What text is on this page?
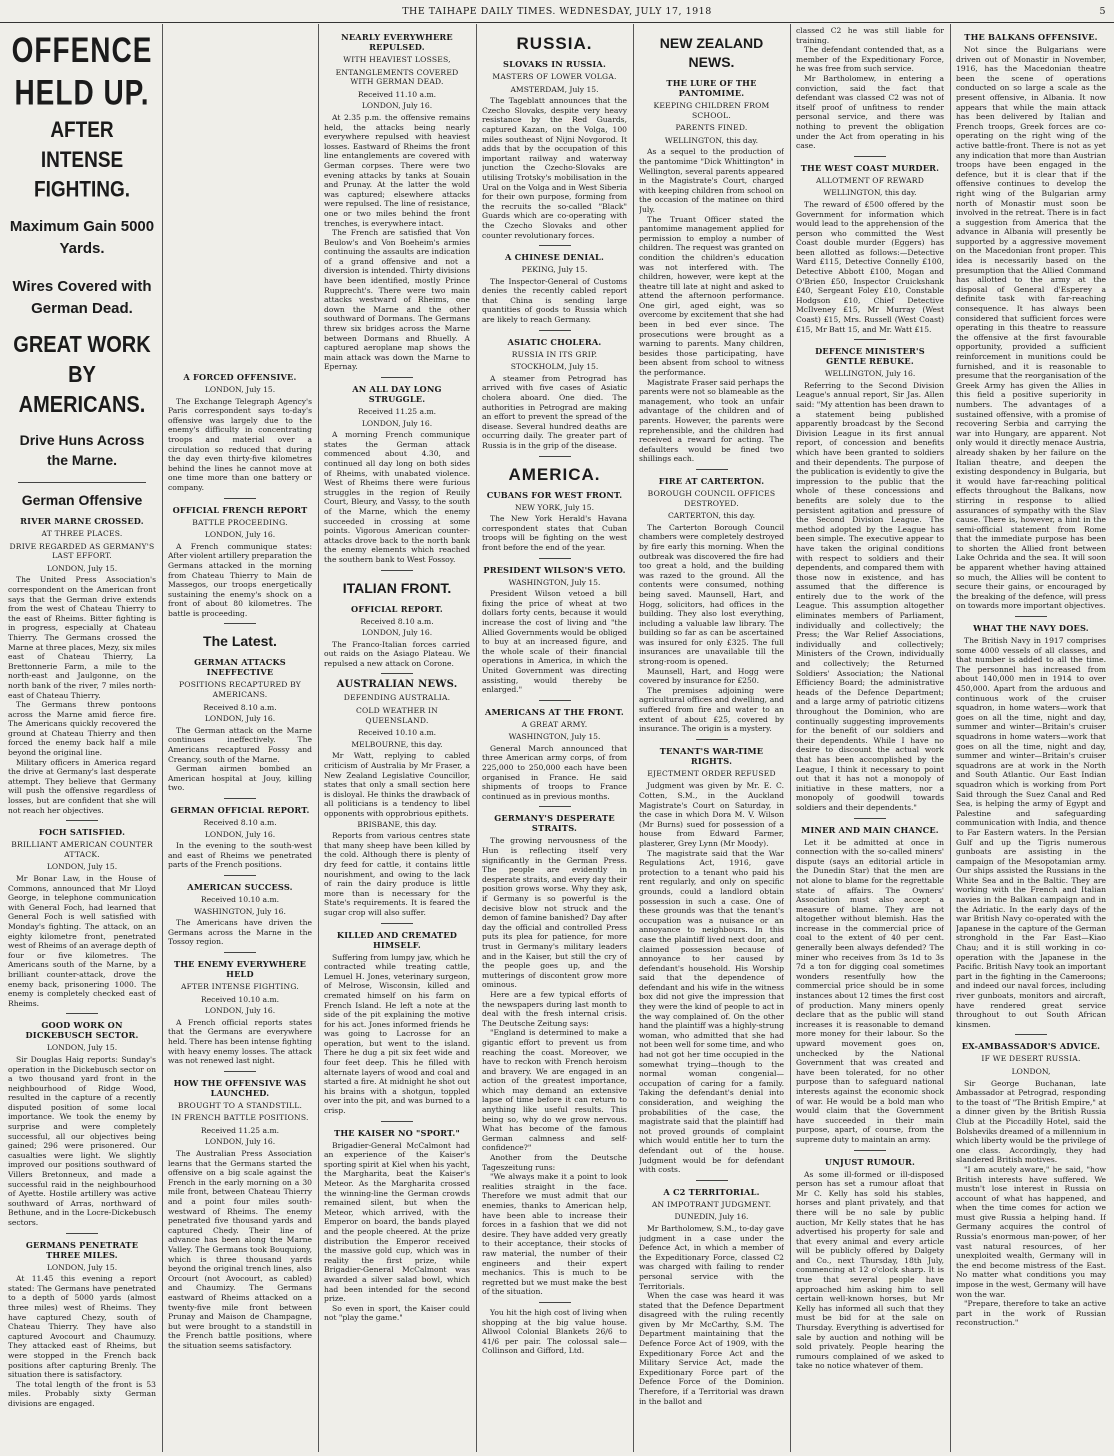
THE TAIHAPE DAILY TIMES. WEDNESDAY, JULY 17, 1918	5
OFFENCE HELD UP.
AFTER INTENSE FIGHTING.
Maximum Gain 5000 Yards.
Wires Covered with German Dead.
GREAT WORK BY AMERICANS.
Drive Huns Across the Marne.
German Offensive
RIVER MARNE CROSSED.
AT THREE PLACES.
DRIVE REGARDED AS GERMANY'S LAST EFFORT.
LONDON, July 15.

The United Press Association's correspondent on the American front says that the German drive extends from the west of Chateau Thierry to the east of Rheims. Bitter fighting is in progress, especially at Chateau Thierry. The Germans crossed the Marne at three places, Mezy, six miles east of Chateau Thierry, La Brettonnerie Farm, a mile to the north-east and Jaulgonne, on the north bank of the river, 7 miles north-east of Chateau Thierry.

The Germans threw pontoons across the Marne amid fierce fire. The Americans quickly recovered the ground at Chateau Thierry and then forced the enemy back half a mile beyond the original line.

Military officers in America regard the drive at Germany's last desperate attempt. They believe that Germany will push the offensive regardless of losses, but are confident that she will not reach her objectives.

FOCH SATISFIED.
BRILLIANT AMERICAN COUNTER ATTACK.
LONDON, July 15.

Mr Bonar Law, in the House of Commons, announced that Mr Lloyd George, in telephone communication with General Foch, had learned that General Foch is well satisfied with Monday's fighting. The attack, on an eighty kilometre front, penetrated west of Rheims of an average depth of four or five kilometres. The Americans south of the Marne, by a brilliant counter-attack, drove the enemy back, prisonering 1000. The enemy is completely checked east of Rheims.

GOOD WORK ON DICKEBUSCH SECTOR.
LONDON, July 15.

Sir Douglas Haig reports: Sunday's operation in the Dickebusch sector on a two thousand yard front in the neighbourhood of Ridge Wood, resulted in the capture of a recently disputed position of some local importance. We took the enemy by surprise and were completely successful, all our objectives being gained; 296 were prisonered. Our casualties were light. We slightly improved our positions southward of Villers Bretonneux, and made a successful raid in the neighbourhood of Ayette. Hostile artillery was active southward of Arras, northward of Bethune, and in the Locre-Dickebusch sectors.

GERMANS PENETRATE THREE MILES.
LONDON, July 15.

At 11.45 this evening a report stated: The Germans have penetrated to a depth of 5000 yards (almost three miles) west of Rheims. They have captured Chezy, south of Chateau Thierry. They have also captured Avocourt and Chaumuzy. They attacked east of Rheims, but were stopped in the French back positions after capturing Brenly. The situation there is satisfactory.

The total length of the front is 53 miles. Probably sixty German divisions are engaged.

A FORCED OFFENSIVE.
LONDON, July 15.

The Exchange Telegraph Agency's Paris correspondent says to-day's offensive was largely due to the enemy's difficulty in concentrating troops and material over a circulation so reduced that during the day even thirty-five kilometres behind the lines he cannot move at one time more than one battery or company.

OFFICIAL FRENCH REPORT
BATTLE PROCEEDING.
LONDON, July 16.

A French communique states: After violent artillery preparation the Germans attacked in the morning from Chateau Thierry to Main de Massegos, our troops energetically sustaining the enemy's shock on a front of about 80 kilometres. The battle is proceeding.

The Latest.
GERMAN ATTACKS INEFFECTIVE
POSITIONS RECAPTURED BY AMERICANS.
Received 8.10 a.m.
LONDON, July 16.

The German attack on the Marne continues ineffectively. The Americans recaptured Fossy and Creancy, south of the Marne.

German airmen bombed an American hospital at Jouy, killing two.

GERMAN OFFICIAL REPORT.
Received 8.10 a.m.
LONDON, July 16.

In the evening to the south-west and east of Rheims we penetrated parts of the French positions.

AMERICAN SUCCESS.
Received 10.10 a.m.
WASHINGTON, July 16.

The Americans have driven the Germans across the Marne in the Tossoy region.

THE ENEMY EVERYWHERE HELD
AFTER INTENSE FIGHTING.
Received 10.10 a.m.
LONDON, July 16.

A French official reports states that the Germans are everywhere held. There has been intense fighting with heavy enemy losses. The attack was not renewed last night.

HOW THE OFFENSIVE WAS LAUNCHED.
BROUGHT TO A STANDSTILL.
IN FRENCH BATTLE POSITIONS.
Received 11.25 a.m.
LONDON, July 16.

The Australian Press Association learns that the Germans started the offensive on a big scale against the French in the early morning on a 30 mile front, between Chateau Thierry and a point four miles south-westward of Rheims. The enemy penetrated five thousand yards and captured Chedy. Their line of advance has been along the Marne Valley. The Germans took Bouquiony, which is three thousand yards beyond the original trench lines, also Orcourt (not Avocourt, as cabled) and Chaumizy. The Germans eastward of Rheims attacked on a twenty-five mile front between Prunay and Maison de Champagne, but were brought to a standstill in the French battle positions, where the situation seems satisfactory.

NEARLY EVERYWHERE REPULSED.
WITH HEAVIEST LOSSES,
ENTANGLEMENTS COVERED WITH GERMAN DEAD.
Received 11.10 a.m.
LONDON, July 16.

At 2.35 p.m. the offensive remains held, the attacks being nearly everywhere repulsed with heaviest losses. Eastward of Rheims the front line entanglements are covered with German corpses. There were two evening attacks by tanks at Souain and Prunay. At the latter the wold was captured; elsewhere attacks were repulsed. The line of resistance, one or two miles behind the front trenches, is everywhere intact.

The French are satisfied that Von Beulow's and Von Boeheim's armies continuing the assaults are indication of a grand offensive and not a diversion is intended. Thirty divisions have been identified, mostly Prince Rupprecht's. There were two main attacks westward of Rheims, one down the Marne and the other southward of Dormans. The Germans threw six bridges across the Marne between Dormans and Rhuelly. A captured aeroplane map shows the main attack was down the Marne to Epernay.

AN ALL DAY LONG STRUGGLE.
Received 11.25 a.m.
LONDON, July 16.

A morning French communique states the German attack commenced about 4.30, and continued all day long on both sides of Rheims, with unabated violence. West of Rheims there were furious struggles in the region of Reuily Court, Bleury, and Vassy, to the south of the Marne, which the enemy succeeded in crossing at some points. Vigorous American counter-attacks drove back to the north bank the enemy elements which reached the southern bank to West Fossoy.

ITALIAN FRONT.
OFFICIAL REPORT.
Received 8.10 a.m.
LONDON, July 16.

The Franco-Italian forces carried out raids on the Asiago Plateau. We repulsed a new attack on Corone.

AUSTRALIAN NEWS.
DEFENDING AUSTRALIA.
COLD WEATHER IN QUEENSLAND.
Received 10.10 a.m.
MELBOURNE, this day.

Mr Watt, replying to cabled criticism of Australia by Mr Fraser, a New Zealand Legislative Councillor, states that only a small section here is disloyal. He thinks the drawback of all politicians is a tendency to libel opponents with opprobrious epithets.

BRISBANE, this day.

Reports from various centres state that many sheep have been killed by the cold. Although there is plenty of dry feed for cattle, it contains little nourishment, and owing to the lack of rain the dairy produce is little more than is necessary for the State's requirements. It is feared the sugar crop will also suffer.

KILLED AND CREMATED HIMSELF.

Suffering from lumpy jaw, which he contracted while treating cattle, Lemuel H. Jones, veterinary surgeon, of Melrose, Wisconsin, killed and cremated himself on his farm on French Island. He left a note at the side of the pit explaining the motive for his act. Jones informed friends he was going to Lacrosse for an operation, but went to the island. There he dug a pit six feet wide and four feet deep. This he filled with alternate layers of wood and coal and started a fire. At midnight he shot out his brains with a shotgun, toppled over into the pit, and was burned to a crisp.

THE KAISER NO "SPORT."

Brigadier-General McCalmont had an experience of the Kaiser's sporting spirit at Kiel when his yacht, the Margharita, beat the Kaiser's Meteor. As the Margharita crossed the winning-line the German crowds remained silent, but when the Meteor, which arrived, with the Emperor on board, the bands played and the people cheered. At the prize distribution the Emperor received the massive gold cup, which was in reality the first prize, while Brigadier-General McCalmont was awarded a silver salad bowl, which had been intended for the second prize.

So even in sport, the Kaiser could not "play the game."

RUSSIA.
SLOVAKS IN RUSSIA.
MASTERS OF LOWER VOLGA.
AMSTERDAM, July 15.

The Tageblatt announces that the Czecho Slovaks, despite very heavy resistance by the Red Guards, captured Kazan, on the Volga, 100 miles southeast of Nijni Novgorod. It adds that by the occupation of this important railway and waterway junction the Czecho-Slovaks are utilising Trotsky's mobilisation in the Ural on the Volga and in West Siberia for their own purpose, forming from the recruits the so-called "Black" Guards which are co-operating with the Czecho Slovaks and other counter revolutionary forces.

A CHINESE DENIAL.
PEKING, July 15.

The Inspector-General of Customs denies the recently cabled report that China is sending large quantities of goods to Russia which are likely to reach Germany.

ASIATIC CHOLERA.
RUSSIA IN ITS GRIP.
STOCKHOLM, July 15.

A steamer from Petrograd has arrived with five cases of Asiatic cholera aboard. One died. The authorities in Petrograd are making an effort to prevent the spread of the disease. Several hundred deaths are occurring daily. The greater part of Russia is in the grip of the disease.

AMERICA.
CUBANS FOR WEST FRONT.
NEW YORK, July 15.

The New York Herald's Havana correspondent states that Cuban troops will be fighting on the west front before the end of the year.

PRESIDENT WILSON'S VETO.
WASHINGTON, July 15.

President Wilson vetoed a bill fixing the price of wheat at two dollars forty cents, because it would increase the cost of living and "the Allied Governments would be obliged to buy at an increased figure, and the whole scale of their financial operations in America, in which the United Government was directing assisting, would thereby be enlarged."

AMERICANS AT THE FRONT.
A GREAT ARMY.
WASHINGTON, July 15.

General March announced that three American army corps, of from 225,000 to 250,000 each have been organised in France. He said shipments of troops to France continued as in previous months.

GERMANY'S DESPERATE STRAITS.

The growing nervousness of the Hun is reflecting itself very significantly in the German Press. The people are evidently in desperate straits, and every day their position grows worse. Why they ask, if Germany is so powerful is the decisive blow not struck and the demon of famine banished? Day after day the official and controlled Press puts its plea for patience, for more trust in Germany's military leaders and in the Kaiser, but still the cry of the people goes up, and the mutterings of discontent grow more ominous.

Here are a few typical efforts of the newspapers during last month to deal with the fresh internal crisis. The Deutsche Zeitung says:

"England is determined to make a gigantic effort to prevent us from reaching the coast. Moreover, we have to reckon with French heroism and bravery. We are engaged in an action of the greatest importance, which may demand an extensive lapse of time before it can return to anything like useful results. This being so, why do we grow nervous. What has become of the famous German calmness and self-confidence?"

Another from the Deutsche Tageszeitung runs:

"We always make it a point to look realities straight in the face. Therefore we must admit that our enemies, thanks to American help, have been able to increase their forces in a fashion that we did not desire. They have added very greatly to their acceptance, their stocks of raw material, the number of their engineers and their expert mechanics. This is much to be regretted but we must make the best of the situation.

You hit the high cost of living when shopping at the big value house. Allwool Colonial Blankets 26/6 to 41/6 per pair. The colossal sale—Collinson and Gifford, Ltd.

NEW ZEALAND NEWS.
THE LURE OF THE PANTOMIME.
KEEPING CHILDREN FROM SCHOOL.
PARENTS FINED.
WELLINGTON, this day.

As a sequel to the production of the pantomime "Dick Whittington" in Wellington, several parents appeared in the Magistrate's Court, charged with keeping children from school on the occasion of the matinee on third July.

The Truant Officer stated the pantomime management applied for permission to employ a number of children. The request was granted on condition the children's education was not interfered with. The children, however, were kept at the theatre till late at night and asked to attend the afternoon performance. One girl, aged eight, was so overcome by excitement that she had been in bed ever since. The prosecutions were brought as a warning to parents. Many children, besides those participating, have been absent from school to witness the performance.

Magistrate Fraser said perhaps the parents were not so blameable as the management, who took an unfair advantage of the children and of parents. However, the parents were reprehensible, and the children had received a reward for acting. The defaulters would be fined two shillings each.

FIRE AT CARTERTON.
BOROUGH COUNCIL OFFICES DESTROYED.
CARTERTON, this day.

The Carterton Borough Council chambers were completely destroyed by fire early this morning. When the outbreak was discovered the fire had too great a hold, and the building was razed to the ground. All the contents were consumed, nothing being saved. Maunsell, Hart, and Hogg, solicitors, had offices in the building. They also lost everything, including a valuable law library. The building so far as can be ascertained was insured for only £325. The full insurances are unavailable till the strong-room is opened.

Maunsell, Hart, and Hogg were covered by insurance for £250.

The premises adjoining were agricultural offices and dwelling, and suffered from fire and water to an extent of about £25, covered by insurance. The origin is a mystery.

TENANT'S WAR-TIME RIGHTS.
EJECTMENT ORDER REFUSED

Judgment was given by Mr. E. C. Cotten, S.M., in the Auckland Magistrate's Court on Saturday, in the case in which Dora M. V. Wilson (Mr Burns) sued for possession of a house from Edward Farmer, plasterer, Grey Lynn (Mr Moody).

The magistrate said that the War Regulations Act, 1916, gave protection to a tenant who paid his rent regularly, and only on specific grounds, could a landlord obtain possession in such a case. One of these grounds was that the tenant's occupation was a nuisance or an annoyance to neighbours. In this case the plaintiff lived next door, and claimed possession because of annoyance to her caused by defendant's household. His Worship said that the dependence of defendant and his wife in the witness box did not give the impression that they were the kind of people to act in the way complained of. On the other hand the plaintiff was a highly-strung woman, who admitted that she had not been well for some time, and who had not got her time occupied in the somewhat trying—though to the normal woman congenial—occupation of caring for a family. Taking the defendant's denial into consideration, and weighing the probabilities of the case, the magistrate said that the plaintiff had not proved grounds of complaint which would entitle her to turn the defendant out of the house. Judgment would be for defendant with costs.

A C2 TERRITORIAL.
AN IMPOTRANT JUDGMENT.
DUNEDIN, July 16.

Mr Bartholomew, S.M., to-day gave judgment in a case under the Defence Act, in which a member of the Expeditionary Force, classed C2 was charged with failing to render personal service with the Territorials.

When the case was heard it was stated that the Defence Department disagreed with the ruling recently given by Mr McCarthy, S.M. The Department maintaining that the Defence Force Act of 1909, with the Expeditionary Force Act and the Military Service Act, made the Expeditionary Force part of the Defence Force of the Dominion. Therefore, if a Territorial was drawn in the ballot and

classed C2 he was still liable for training.

The defendant contended that, as a member of the Expeditionary Force, he was free from such service.

Mr Bartholomew, in entering a conviction, said the fact that defendant was classed C2 was not of itself proof of unfitness to render personal service, and there was nothing to prevent the obligation under the Act from operating in his case.

THE WEST COAST MURDER.
ALLOTMENT OF REWARD
WELLINGTON, this day.

The reward of £500 offered by the Government for information which would lead to the apprehension of the person who committed the West Coast double murder (Eggers) has been allotted as follows:—Detective Ward £115, Detective Connelly £100, Detective Abbott £100, Mogan and O'Brien £50, Inspector Cruickshank £40, Sergeant Foley £10, Constable Hodgson £10, Chief Detective McIlveney £15, Mr Murray (West Coast) £15, Mrs. Russell (West Coast) £15, Mr Batt 15, and Mr. Watt £15.

DEFENCE MINISTER'S GENTLE REBUKE.
WELLINGTON, July 16.

Referring to the Second Division League's annual report, Sir Jas. Allen said: "My attention has been drawn to a statement being published apparently broadcast by the Second Division League in its first annual report, of concession and benefits which have been granted to soldiers and their dependents. The purpose of the publication is evidently to give the impression to the public that the whole of these concessions and benefits are solely due to the persistent agitation and pressure of the Second Division League. The method adopted by the League has been simple. The executive appear to have taken the original conditions with respect to soldiers and their dependents, and compared them with those now in existence, and has assumed that the difference is entirely due to the work of the League. This assumption altogether eliminates members of Parliament, individually and collectively; the Press; the War Relief Associations, individually and collectively; Ministers of the Crown, individually and collectively; the Returned Soldiers' Association; the National Efficiency Board; the administrative heads of the Defence Department; and a large army of patriotic citizens throughout the Dominion, who are continually suggesting improvements for the benefit of our soldiers and their dependents. While I have no desire to discount the actual work that has been accomplished by the League, I think it necessary to point out that it has not a monopoly of initiative in these matters, nor a monopoly of goodwill towards soldiers and their dependents."

MINER AND MAIN CHANCE.

Let it be admitted at once in connection with the so-called miners' dispute (says an editorial article in the Dunedin Star) that the men are not alone to blame for the regrettable state of affairs. The Owners' Association must also accept a measure of blame. They are not altogether without blemish. Has the increase in the commercial price of coal to the extent of 40 per cent. generally been always defended? The miner who receives from 3s 1d to 3s 7d a ton for digging coal sometimes wonders resentfully how the commercial price should be in some instances about 12 times the first cost of production. Many miners openly declare that as the public will stand increases it is reasonable to demand more money for their labour. So the upward movement goes on, unchecked by the National Government that was created and have been tolerated, for no other purpose than to safeguard national interests against the economic shock of war. He would be a bold man who would claim that the Government have succeeded in their main purpose, apart, of course, from the supreme duty to maintain an army.

UNJUST RUMOUR.

As some ill-formed or ill-disposed person has set a rumour afloat that Mr C. Kelly has sold his stables, horses and plant privately, and that there will be no sale by public auction, Mr Kelly states that he has advertised his property for sale and that every animal and every article will be publicly offered by Dalgety and Co., next Thursday, 18th July, commencing at 12 o'clock sharp. It is true that several people have approached him asking him to sell certain well-known horses, but Mr Kelly has informed all such that they must be bid for at the sale on Thursday. Everything is advertised for sale by auction and nothing will be sold privately. People hearing the rumours complained of we asked to take no notice whatever of them.

THE BALKANS OFFENSIVE.

Not since the Bulgarians were driven out of Monastir in November, 1916, has the Macedonian theatre been the scene of operations conducted on so large a scale as the present offensive, in Albania. It now appears that while the main attack has been delivered by Italian and French troops, Greek forces are co-operating on the right wing of the active battle-front. There is not as yet any indication that more than Austrian troops have been engaged in the defence, but it is clear that if the offensive continues to develop the right wing of the Bulgarian army north of Monastir must soon be involved in the retreat. There is in fact a suggestion from America that the advance in Albania will presently be supported by a aggressive movement on the Macedonian front proper. This idea is necessarily based on the presumption that the Allied Command has allotted to the army at the disposal of General d'Esperey a definite task with far-reaching consequence. It has always been considered that sufficient forces were operating in this theatre to reassure the offensive at the first favourable opportunity, provided a sufficient reinforcement in munitions could be furnished, and it is reasonable to presume that the reorganisation of the Greek Army has given the Allies in this field a positive superiority in numbers. The advantages of a sustained offensive, with a promise of recovering Serbia and carrying the war into Hungary, are apparent. Not only would it directly menace Austria, already shaken by her failure on the Italian theatre, and deepen the existing despondency in Bulgaria, but it would have far-reaching political effects throughout the Balkans, now stirring in response to allied assurances of sympathy with the Slav cause. There is, however, a hint in the semi-official statement from Rome that the immediate purpose has been to shorten the Allied front between Lake Ochrida and the sea. It will soon be apparent whether having attained so much, the Allies will be content to secure their gains, or encouraged by the breaking of the defence, will press on towards more important objectives.

WHAT THE NAVY DOES.

The British Navy in 1917 comprises some 4000 vessels of all classes, and that number is added to all the time. The personnel has increased from about 140,000 men in 1914 to over 450,000. Apart from the arduous and continuous work of the cruiser squadron, in home waters—work that goes on all the time, night and day, summer and winter—Britain's cruiser squadrons in home waters—work that goes on all the time, night and day, summer and winter—Britain's cruiser squadrons are at work in the North and South Atlantic. Our East Indian squadron which is working from Port Said through the Suez Canal and Red Sea, is helping the army of Egypt and Palestine and safeguarding communication with India, and thence to Far Eastern waters. In the Persian Gulf and up the Tigris numerous gunboats are assisting in the campaign of the Mesopotamian army. Our ships assisted the Russians in the White Sea and in the Baltic. They are working with the French and Italian navies in the Balkan campaign and in the Adriatic. In the early days of the war British Navy co-operated with the Japanese in the capture of the German stronghold in the Far East—Kiao Chau; and it is still working in co-operation with the Japanese in the Pacific. British Navy took an important part in the fighting in the Cameroons; and indeed our naval forces, including river gunboats, monitors and aircraft, have rendered great service throughout to out South African kinsmen.

EX-AMBASSADOR'S ADVICE.
IF WE DESERT RUSSIA.
LONDON,

Sir George Buchanan, late Ambassador at Petrograd, responding to the toast of "The British Empire," at a dinner given by the British Russia Club at the Piccadilly Hotel, said the Bolsheviks dreamed of a millennium in which liberty would be the privilege of one class. Accordingly, they had slandered British motives.

"I am acutely aware," he said, "how British interests have suffered. We mustn't lose interest in Russia on account of what has happened, and when the time comes for action we must give Russia a helping hand. If Germany acquires the control of Russia's enormous man-power, of her vast natural resources, of her unexploited wealth, Germany will in the end become mistress of the East. No matter what conditions you may impose in the west, Germany will have won the war.

"Prepare, therefore to take an active part in the work of Russian reconstruction."
